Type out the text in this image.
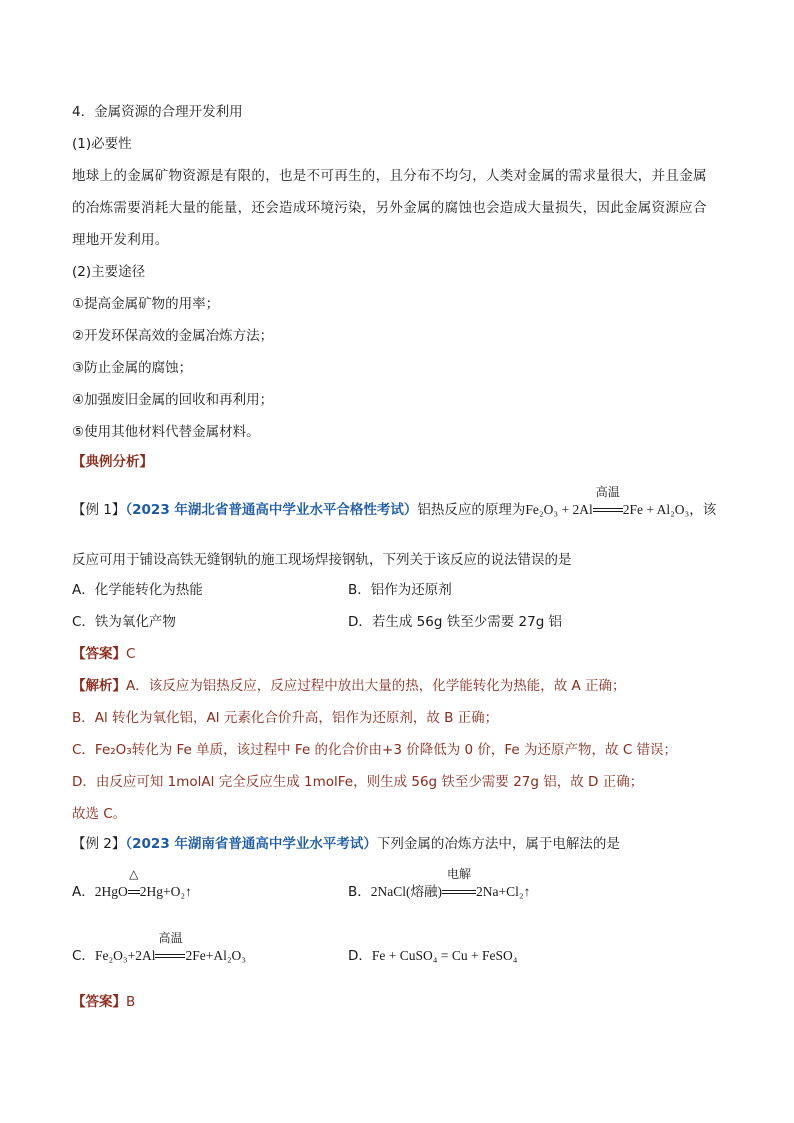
4．金属资源的合理开发利用
(1)必要性
地球上的金属矿物资源是有限的，也是不可再生的，且分布不均匀，人类对金属的需求量很大，并且金属
的冶炼需要消耗大量的能量，还会造成环境污染，另外金属的腐蚀也会造成大量损失，因此金属资源应合
理地开发利用。
(2)主要途径
①提高金属矿物的用率；
②开发环保高效的金属冶炼方法；
③防止金属的腐蚀；
④加强废旧金属的回收和再利用；
⑤使用其他材料代替金属材料。
【典例分析】
【例 1】（2023 年湖北省普通高中学业水平合格性考试）铝热反应的原理为Fe₂O₃ + 2Al
高温
2Fe + Al₂O₃，该
反应可用于铺设高铁无缝钢轨的施工现场焊接钢轨，下列关于该反应的说法错误的是
A．化学能转化为热能	B．铝作为还原剂
C．铁为氧化产物	D．若生成 56g 铁至少需要 27g 铝
【答案】C
【解析】A．该反应为铝热反应，反应过程中放出大量的热，化学能转化为热能，故 A 正确；
B．Al 转化为氧化铝，Al 元素化合价升高，铝作为还原剂，故 B 正确；
C．Fe₂O₃转化为 Fe 单质，该过程中 Fe 的化合价由+3 价降低为 0 价，Fe 为还原产物，故 C 错误；
D．由反应可知 1molAl 完全反应生成 1molFe，则生成 56g 铁至少需要 27g 铝，故 D 正确；
故选 C。
【例 2】（2023 年湖南省普通高中学业水平考试）下列金属的冶炼方法中，属于电解法的是
A．2HgO
△
2Hg+O₂↑	B．2NaCl(熔融)
电解
2Na+Cl₂↑
C．Fe₂O₃+2Al
高温
2Fe+Al₂O₃	D．Fe + CuSO₄ = Cu + FeSO₄
【答案】B
